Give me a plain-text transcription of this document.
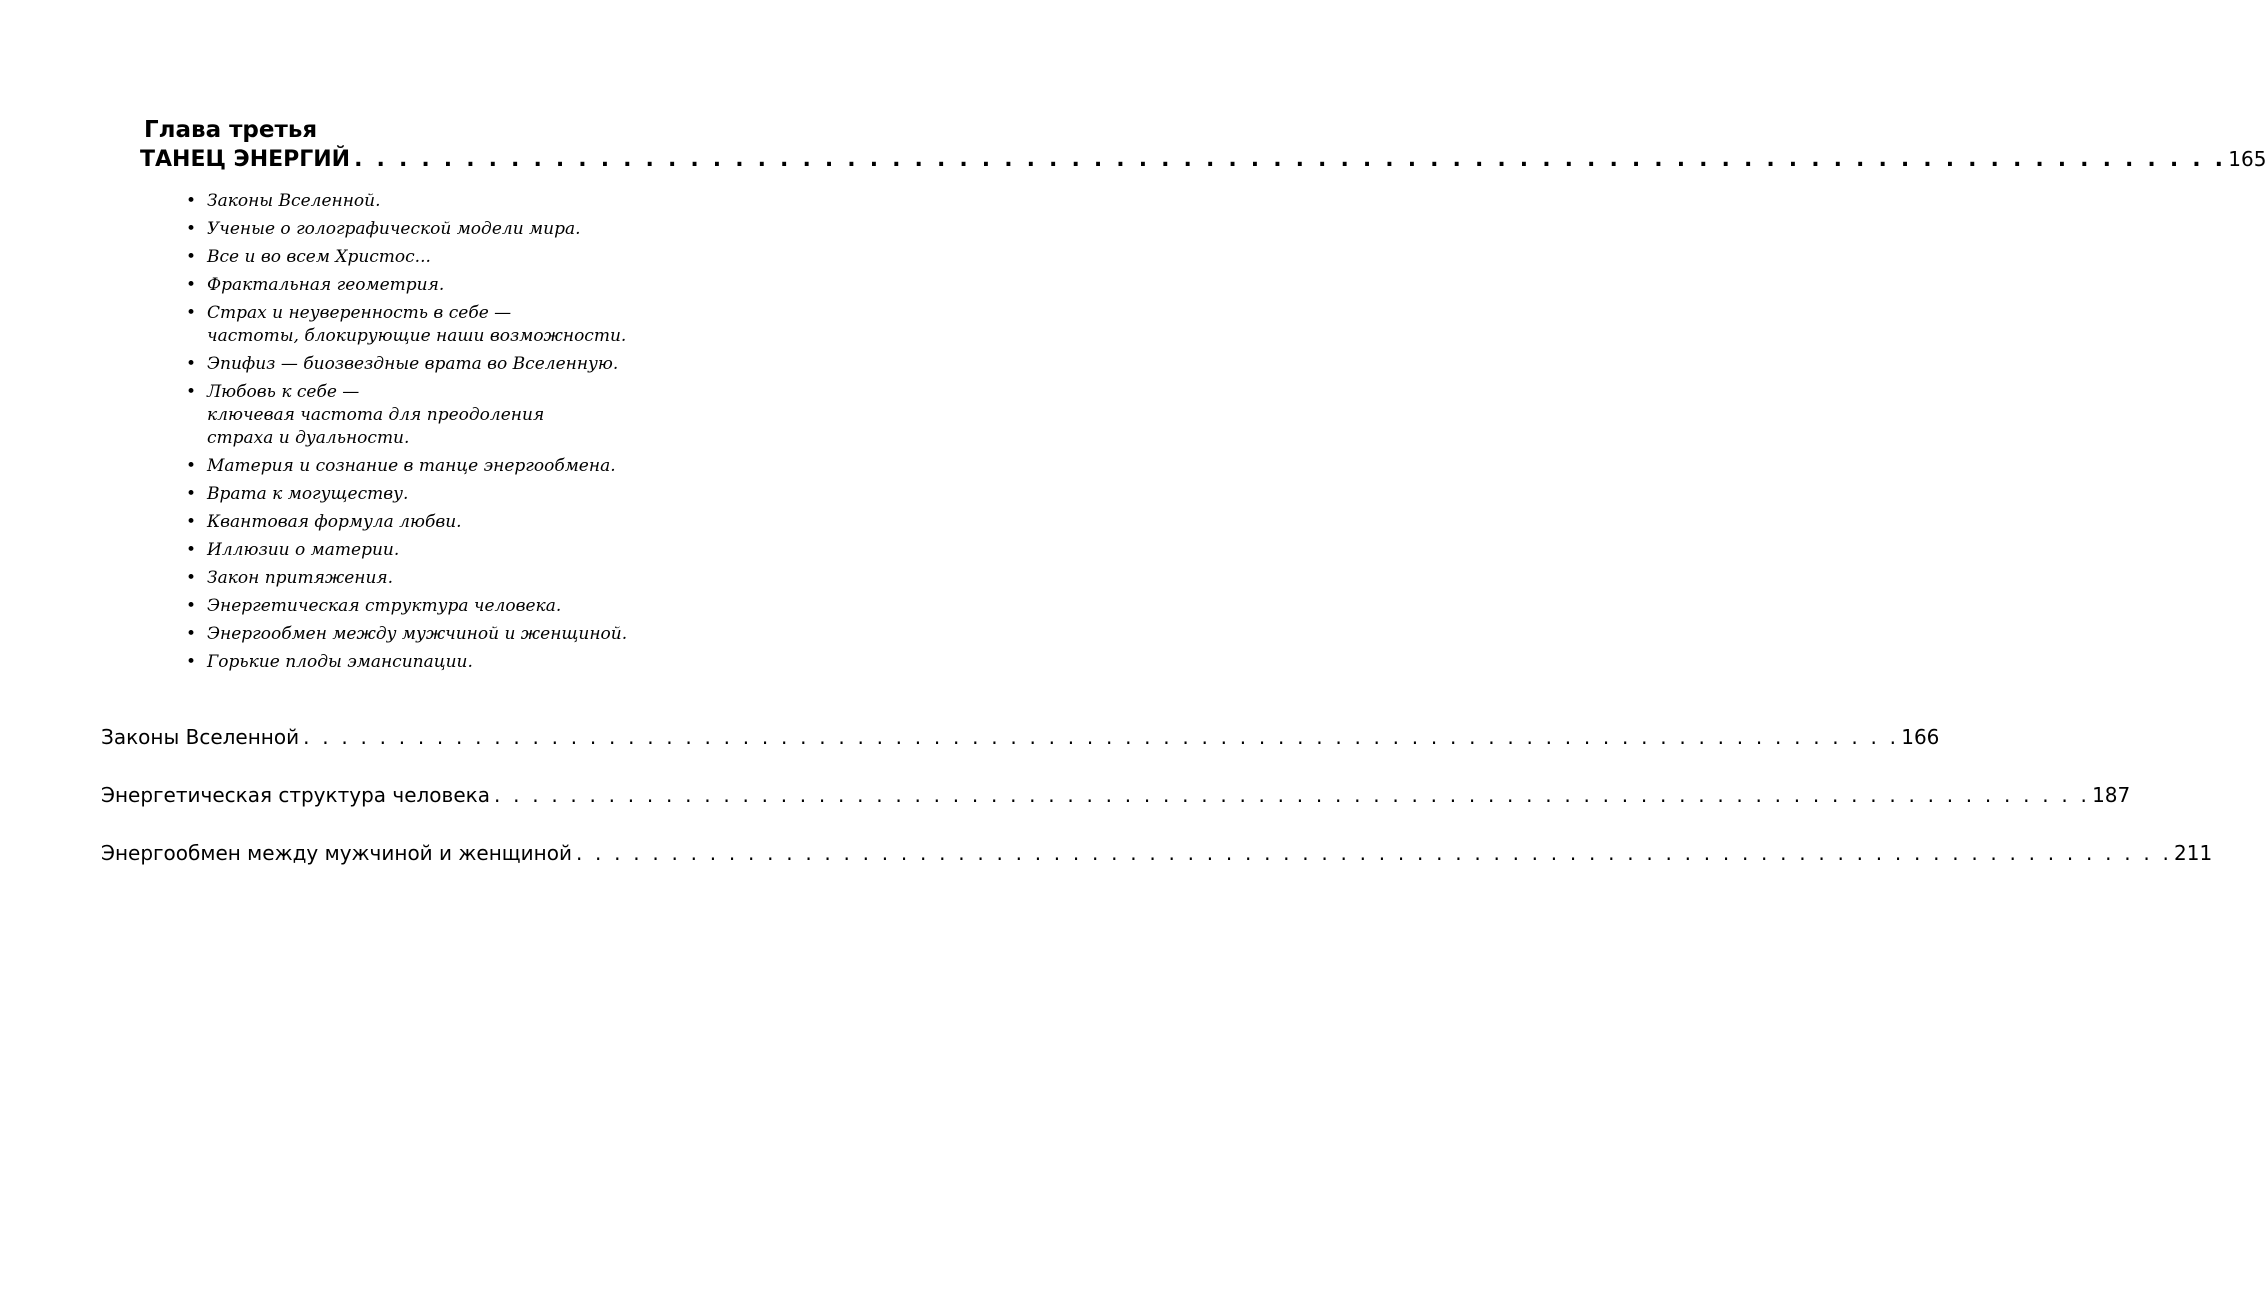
Глава третья
ТАНЕЦ ЭНЕРГИЙ . . . . . . . . . . . . . . . . . . . . . . . . . . . . . . . . . . . . . . . . . . . . . . . . . . . . . . . . . . . . . . . . . . . . . . . . . . . . . . . . . . . . 165
• Законы Вселенной.
• Ученые о голографической модели мира.
• Все и во всем Христос...
• Фрактальная геометрия.
• Страх и неуверенность в себе —
частоты, блокирующие наши возможности.
• Эпифиз — биозвездные врата во Вселенную.
• Любовь к себе —
ключевая частота для преодоления
страха и дуальности.
• Материя и сознание в танце энергообмена.
• Врата к могуществу.
• Квантовая формула любви.
• Иллюзии о материи.
• Закон притяжения.
• Энергетическая структура человека.
• Энергообмен между мужчиной и женщиной.
• Горькие плоды эмансипации.
Законы Вселенной . . . . . . . . . . . . . . . . . . . . . . . . . . . . . . . . . . . . . . . . . . . . . . . . . . . . . . . . . . . . . . . . . . . . . . . . . . . . . . . . . . . . 166
Энергетическая структура человека . . . . . . . . . . . . . . . . . . . . . . . . . . . . . . . . . . . . . . . . . . . . . . . . . . . . . . . . . . . . . . . . . . . . . . . . . . . . . . . . . . . . 187
Энергообмен между мужчиной и женщиной . . . . . . . . . . . . . . . . . . . . . . . . . . . . . . . . . . . . . . . . . . . . . . . . . . . . . . . . . . . . . . . . . . . . . . . . . . . . . . . . . . . . 211
